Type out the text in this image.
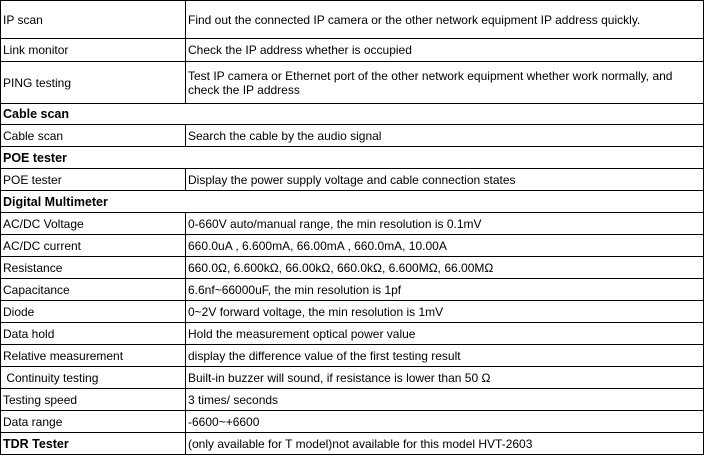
IP scan	Find out the connected IP camera or the other network equipment IP address quickly.
Link monitor	Check the IP address whether is occupied
PING testing	Test IP camera or Ethernet port of the other network equipment whether work normally, and check the IP address
Cable scan	
Cable scan	Search the cable by the audio signal
POE tester	
POE tester	Display the power supply voltage and cable connection states
Digital Multimeter	
AC/DC Voltage	0-660V auto/manual range, the min resolution is 0.1mV
AC/DC current	660.0uA , 6.600mA, 66.00mA , 660.0mA, 10.00A
Resistance	660.0Ω, 6.600kΩ, 66.00kΩ, 660.0kΩ, 6.600MΩ, 66.00MΩ
Capacitance	6.6nf~66000uF, the min resolution is 1pf
Diode	0~2V forward voltage, the min resolution is 1mV
Data hold	Hold the measurement optical power value
Relative measurement	display the difference value of the first testing result
Continuity testing	Built-in buzzer will sound, if resistance is lower than 50 Ω
Testing speed	3 times/ seconds
Data range	-6600~+6600
TDR Tester	(only available for T model)not available for this model HVT-2603
